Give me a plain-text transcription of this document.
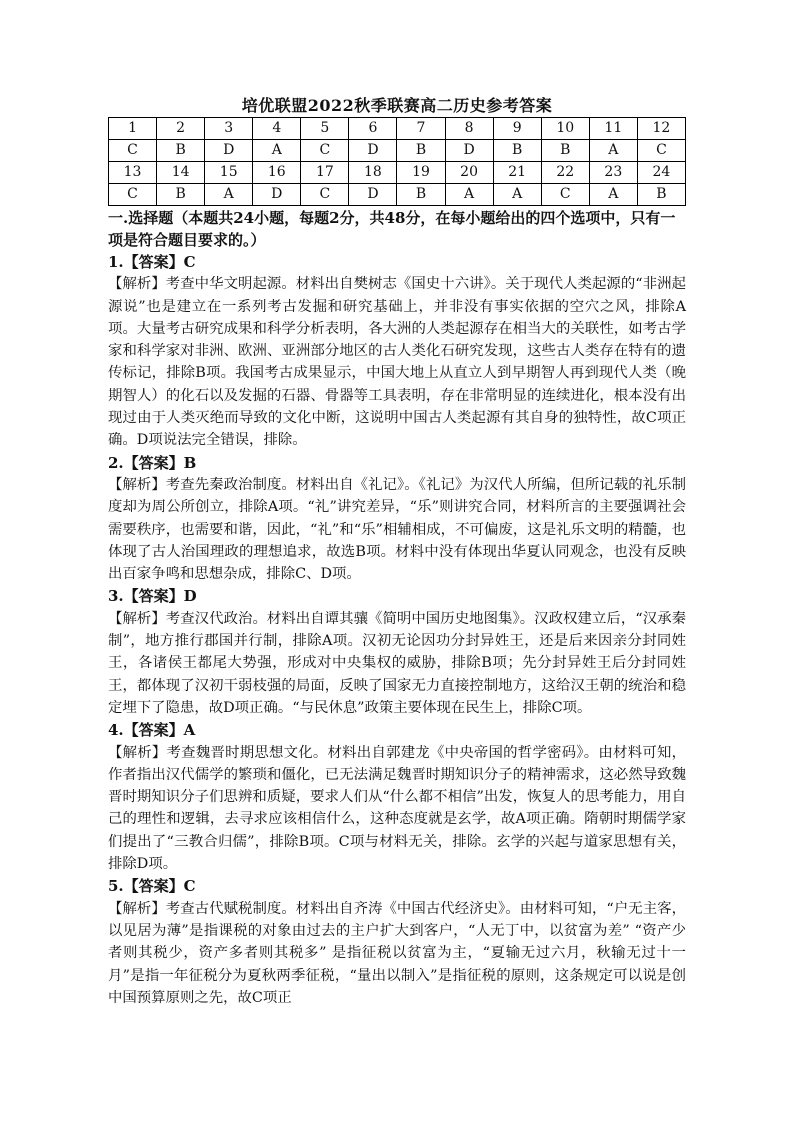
培优联盟2022秋季联赛高二历史参考答案
1	2	3	4	5	6	7	8	9	10	11	12
C	B	D	A	C	D	B	D	B	B	A	C
13	14	15	16	17	18	19	20	21	22	23	24
C	B	A	D	C	D	B	A	A	C	A	B
一.选择题（本题共24小题，每题2分，共48分，在每小题给出的四个选项中，只有一项是符合题目要求的。）
1.【答案】C
【解析】考查中华文明起源。材料出自樊树志《国史十六讲》。关于现代人类起源的“非洲起源说”也是建立在一系列考古发掘和研究基础上，并非没有事实依据的空穴之风，排除A项。大量考古研究成果和科学分析表明，各大洲的人类起源存在相当大的关联性，如考古学家和科学家对非洲、欧洲、亚洲部分地区的古人类化石研究发现，这些古人类存在特有的遗传标记，排除B项。我国考古成果显示，中国大地上从直立人到早期智人再到现代人类（晚期智人）的化石以及发掘的石器、骨器等工具表明，存在非常明显的连续进化，根本没有出现过由于人类灭绝而导致的文化中断，这说明中国古人类起源有其自身的独特性，故C项正确。D项说法完全错误，排除。
2.【答案】B
【解析】考查先秦政治制度。材料出自《礼记》。《礼记》为汉代人所编，但所记载的礼乐制度却为周公所创立，排除A项。“礼”讲究差异，“乐”则讲究合同，材料所言的主要强调社会需要秩序，也需要和谐，因此，“礼”和“乐”相辅相成，不可偏废，这是礼乐文明的精髓，也体现了古人治国理政的理想追求，故选B项。材料中没有体现出华夏认同观念，也没有反映出百家争鸣和思想杂成，排除C、D项。
3.【答案】D
【解析】考查汉代政治。材料出自谭其骧《简明中国历史地图集》。汉政权建立后，“汉承秦制”，地方推行郡国并行制，排除A项。汉初无论因功分封异姓王，还是后来因亲分封同姓王，各诸侯王都尾大势强，形成对中央集权的威胁，排除B项；先分封异姓王后分封同姓王，都体现了汉初干弱枝强的局面，反映了国家无力直接控制地方，这给汉王朝的统治和稳定埋下了隐患，故D项正确。“与民休息”政策主要体现在民生上，排除C项。
4.【答案】A
【解析】考查魏晋时期思想文化。材料出自郭建龙《中央帝国的哲学密码》。由材料可知，作者指出汉代儒学的繁琐和僵化，已无法满足魏晋时期知识分子的精神需求，这必然导致魏晋时期知识分子们思辨和质疑，要求人们从“什么都不相信”出发，恢复人的思考能力，用自己的理性和逻辑，去寻求应该相信什么，这种态度就是玄学，故A项正确。隋朝时期儒学家们提出了“三教合归儒”，排除B项。C项与材料无关，排除。玄学的兴起与道家思想有关，排除D项。
5.【答案】C
【解析】考查古代赋税制度。材料出自齐涛《中国古代经济史》。由材料可知，“户无主客，以见居为薄”是指课税的对象由过去的主户扩大到客户，“人无丁中，以贫富为差” “资产少者则其税少，资产多者则其税多” 是指征税以贫富为主，“夏输无过六月，秋输无过十一月”是指一年征税分为夏秋两季征税，“量出以制入”是指征税的原则，这条规定可以说是创中国预算原则之先，故C项正
